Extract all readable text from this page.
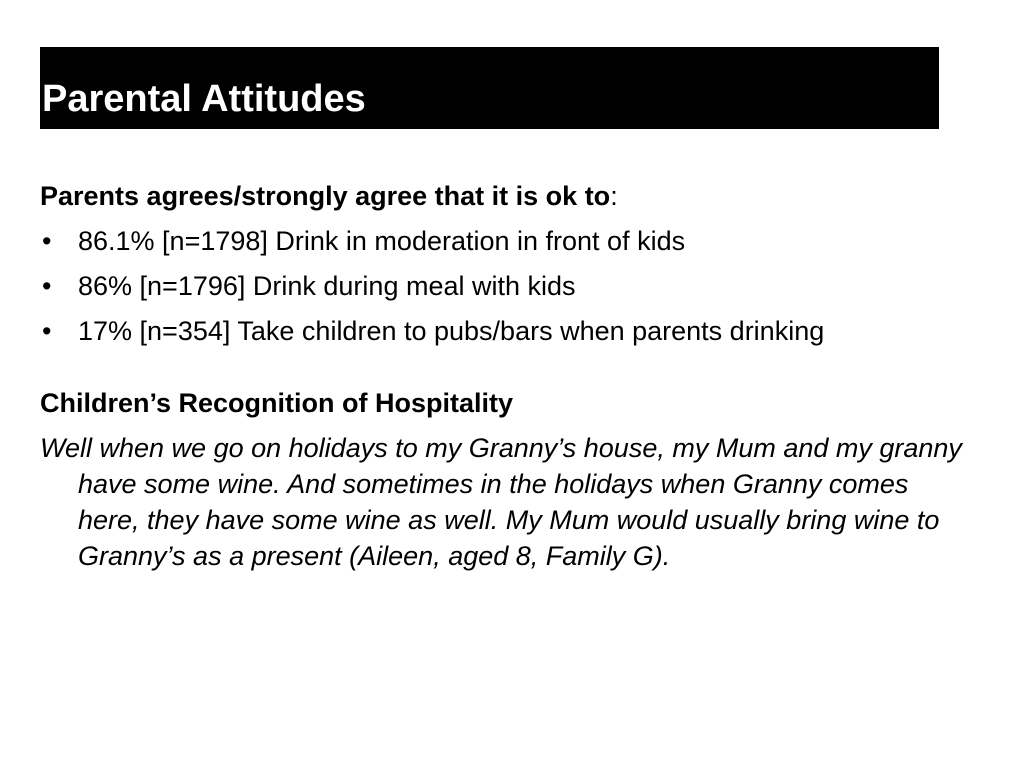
Parental Attitudes

Parents agrees/strongly agree that it is ok to:

• 86.1% [n=1798] Drink in moderation in front of kids
• 86% [n=1796] Drink during meal with kids
• 17% [n=354] Take children to pubs/bars when parents drinking

Children’s Recognition of Hospitality

Well when we go on holidays to my Granny’s house, my Mum and my granny have some wine. And sometimes in the holidays when Granny comes here, they have some wine as well. My Mum would usually bring wine to Granny’s as a present (Aileen, aged 8, Family G).
